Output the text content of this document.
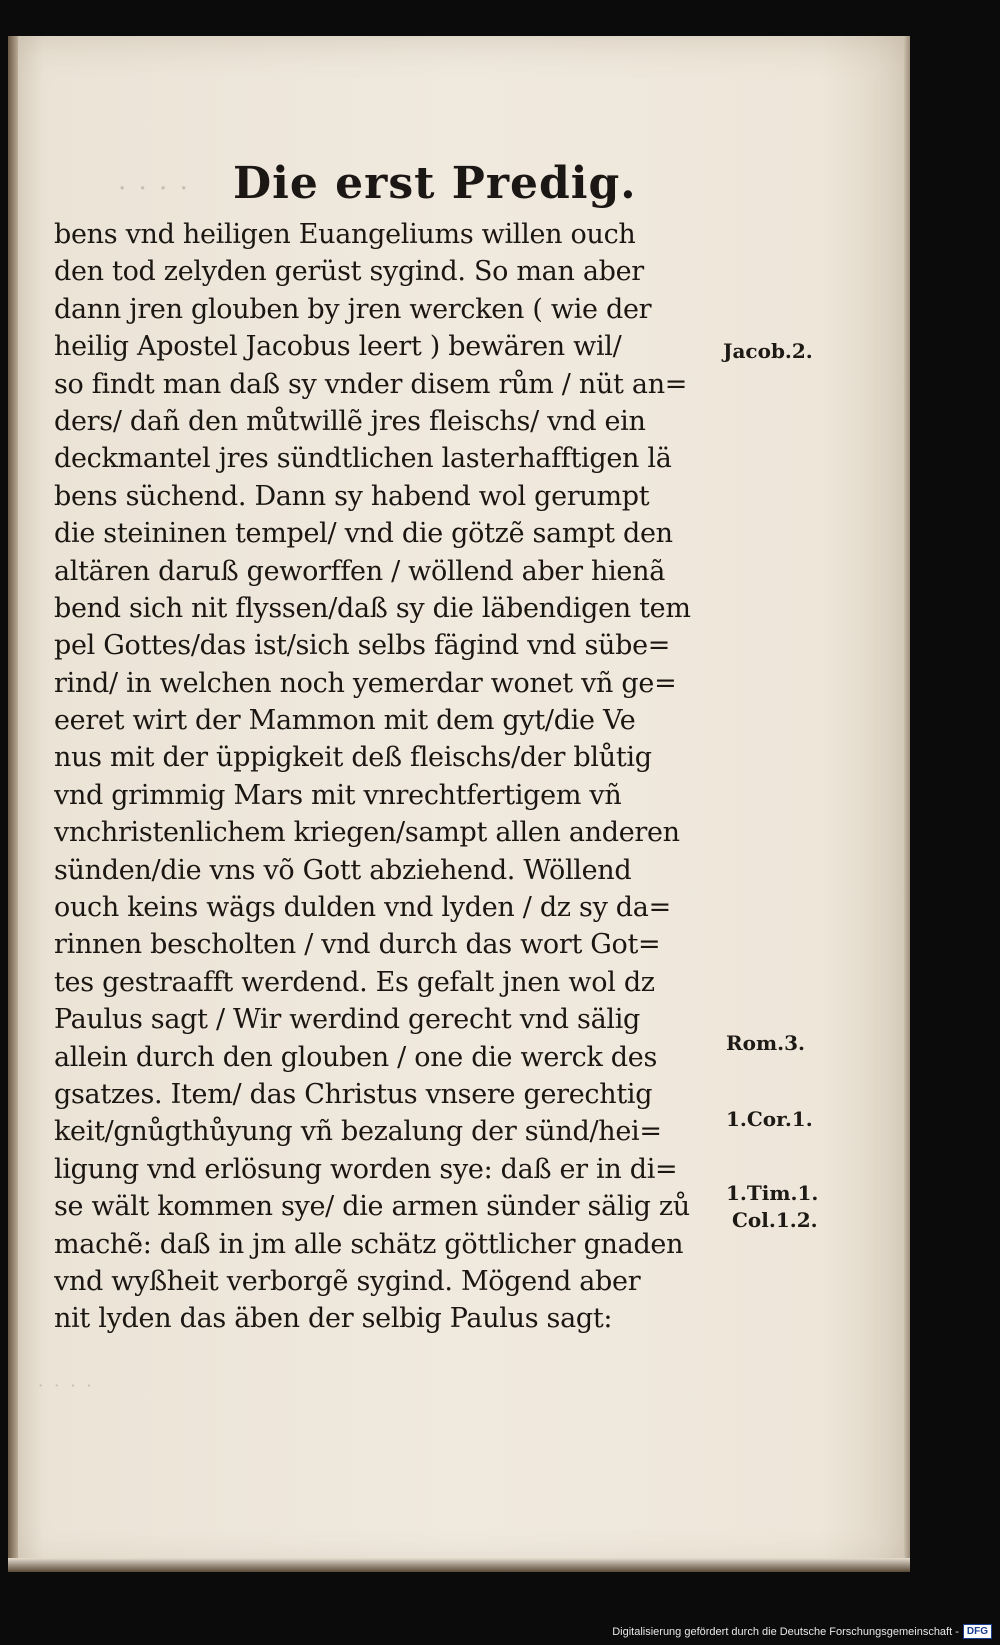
· · · · Die erst Predig.
bens vnd heiligen Euangeliums willen ouch
den tod zelyden gerüst sygind. So man aber
dann jren glouben by jren wercken ( wie der
heilig Apostel Jacobus leert ) bewären wil/
so findt man daß sy vnder disem rům / nüt an=
ders/ dañ den můtwillẽ jres fleischs/ vnd ein
deckmantel jres sündtlichen lasterhafftigen lä
bens süchend. Dann sy habend wol gerumpt
die steininen tempel/ vnd die götzẽ sampt den
altären daruß geworffen / wöllend aber hienã
bend sich nit flyssen/daß sy die läbendigen tem
pel Gottes/das ist/sich selbs fägind vnd sübe=
rind/ in welchen noch yemerdar wonet vñ ge=
eeret wirt der Mammon mit dem gyt/die Ve
nus mit der üppigkeit deß fleischs/der blůtig
vnd grimmig Mars mit vnrechtfertigem vñ
vnchristenlichem kriegen/sampt allen anderen
sünden/die vns võ Gott abziehend. Wöllend
ouch keins wägs dulden vnd lyden / dz sy da=
rinnen bescholten / vnd durch das wort Got=
tes gestraafft werdend. Es gefalt jnen wol dz
Paulus sagt / Wir werdind gerecht vnd sälig
allein durch den glouben / one die werck des
gsatzes. Item/ das Christus vnsere gerechtig
keit/gnůgthůyung vñ bezalung der sünd/hei=
ligung vnd erlösung worden sye: daß er in di=
se wält kommen sye/ die armen sünder sälig zů
machẽ: daß in jm alle schätz göttlicher gnaden
vnd wyßheit verborgẽ sygind. Mögend aber
nit lyden das äben der selbig Paulus sagt:
Jacob.2.
Rom.3.
1.Cor.1.
1.Tim.1.
Col.1.2.
· · · ·
Digitalisierung gefördert durch die Deutsche Forschungsgemeinschaft - DFG
